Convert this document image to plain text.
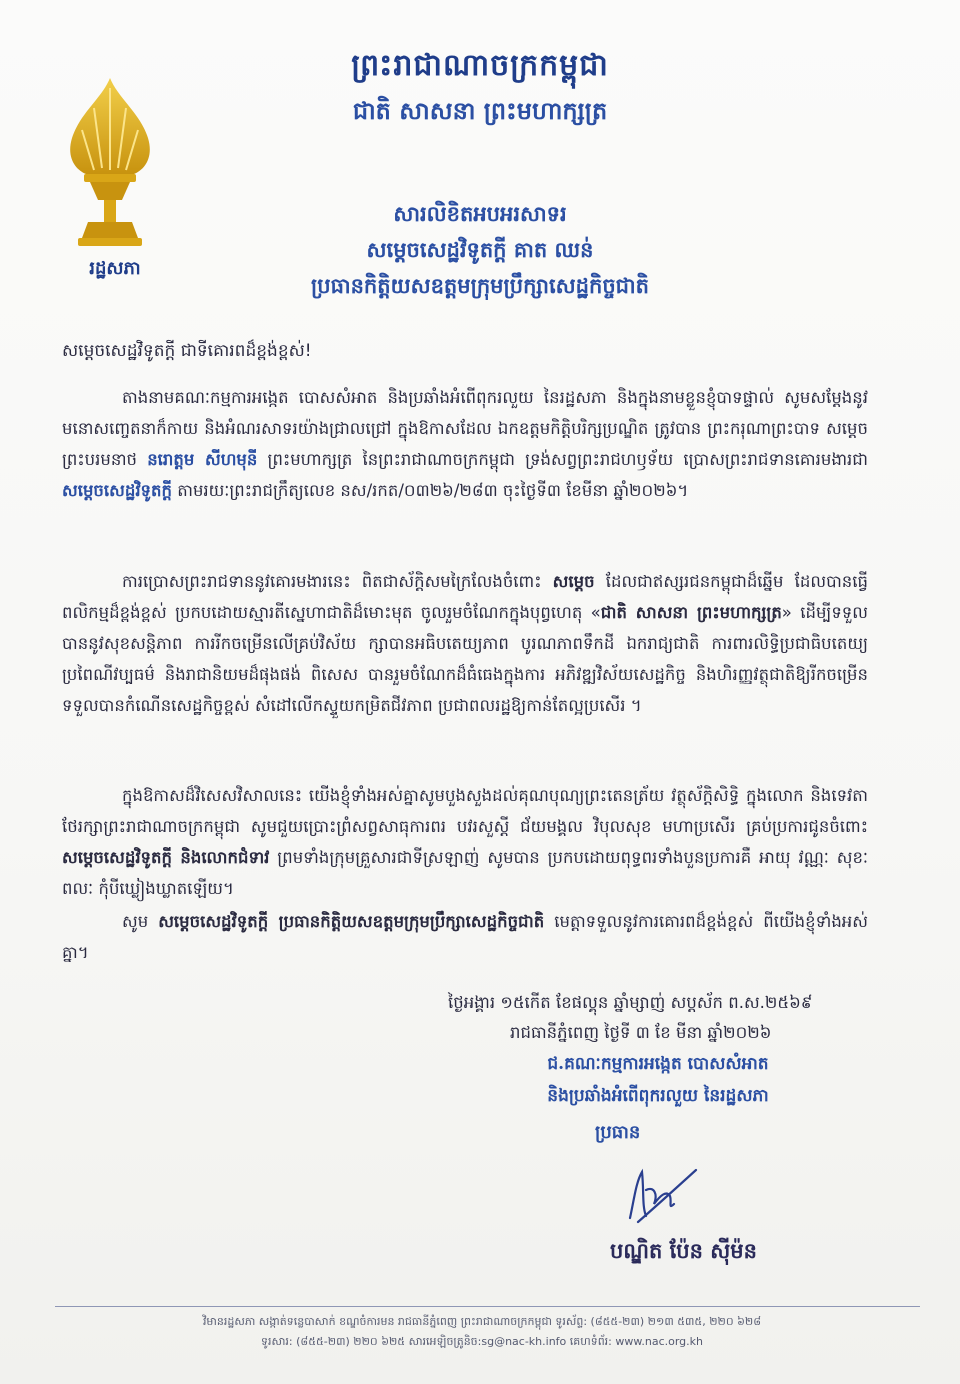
រដ្ឋសភា
ព្រះរាជាណាចក្រកម្ពុជា
ជាតិ សាសនា ព្រះមហាក្សត្រ
សារលិខិតអបអរសាទរ
សម្ដេចសេដ្ឋវិទូតក្ដី គាត ឈន់
ប្រធានកិត្តិយសឧត្ដមក្រុមប្រឹក្សាសេដ្ឋកិច្ចជាតិ
សម្ដេចសេដ្ឋវិទូតក្ដី ជាទីគោរពដ៏ខ្ពង់ខ្ពស់!
តាងនាមគណៈកម្មការអង្កេត បោសសំអាត និងប្រឆាំងអំពើពុករលួយ នៃរដ្ឋសភា និងក្នុងនាមខ្លួនខ្ញុំបាទផ្ទាល់ សូមសម្ដែងនូវមនោសញ្ចេតនាក៏កាយ និងអំណរសាទរយ៉ាងជ្រាលជ្រៅ ក្នុងឱកាសដែល ឯកឧត្ដមកិត្តិបរិក្សប្រណ្ឌិត ត្រូវបាន ព្រះករុណាព្រះបាទ សម្ដេចព្រះបរមនាថ នរោត្ដម សីហមុនី ព្រះមហាក្សត្រ នៃព្រះរាជាណាចក្រកម្ពុជា ទ្រង់សព្វព្រះរាជហឫទ័យ ប្រោសព្រះរាជទានគោរមងារជា សម្ដេចសេដ្ឋវិទូតក្ដី តាមរយៈព្រះរាជក្រឹត្យលេខ នស/រកត/០៣២៦/២៨៣ ចុះថ្ងៃទី៣ ខែមីនា ឆ្នាំ២០២៦។
ការប្រោសព្រះរាជទាននូវគោរមងារនេះ ពិតជាស័ក្តិសមក្រៃលែងចំពោះ សម្ដេច ដែលជាឥស្សរជនកម្ពុជាដ៏ឆ្នើម ដែលបានធ្វើពលិកម្មដ៏ខ្ពង់ខ្ពស់ ប្រកបដោយស្មារតីស្នេហាជាតិដ៏មោះមុត ចូលរួមចំណែកក្នុងបុព្វហេតុ «ជាតិ សាសនា ព្រះមហាក្សត្រ» ដើម្បីទទួលបាននូវសុខសន្តិភាព ការរីកចម្រើនលើគ្រប់វិស័យ ក្សាបានអធិបតេយ្យភាព បូរណភាពទឹកដី ឯករាជ្យជាតិ ការពារលិទ្ធិប្រជាធិបតេយ្យ ប្រពៃណីវប្បធម៌ និងរាជានិយមដ៏ផុងផង់ ពិសេស បានរួមចំណែកដ៏ធំធេងក្នុងការ អភិវឌ្ឍវិស័យសេដ្ឋកិច្ច និងហិរញ្ញវត្ថុជាតិឱ្យរីកចម្រើនទទួលបានកំណើនសេដ្ឋកិច្ចខ្ពស់ សំដៅលើកស្ទួយកម្រិតជីវភាព ប្រជាពលរដ្ឋឱ្យកាន់តែល្អប្រសើរ ។
ក្នុងឱកាសដ៏វិសេសវិសាលនេះ យើងខ្ញុំទាំងអស់គ្នាសូមបួងសួងដល់គុណបុណ្យព្រះតេនត្រ័យ វត្ថុស័ក្តិសិទ្ធិ ក្នុងលោក និងទេវតាថែរក្សាព្រះរាជាណាចក្រកម្ពុជា សូមជួយប្រោះព្រំសព្វសាធុការពរ បវរសួស្ដី ជ័យមង្គល វិបុលសុខ មហាប្រសើរ គ្រប់ប្រការជូនចំពោះ សម្ដេចសេដ្ឋវិទូតក្ដី និងលោកជំទាវ ព្រមទាំងក្រុមគ្រួសារជាទីស្រឡាញ់ សូមបាន ប្រកបដោយពុទ្ធពរទាំងបួនប្រការគឺ អាយុ វណ្ណៈ សុខៈ ពលៈ កុំបីឃ្លៀងឃ្លាតឡើយ។
សូម សម្ដេចសេដ្ឋវិទូតក្ដី ប្រធានកិត្តិយសឧត្ដមក្រុមប្រឹក្សាសេដ្ឋកិច្ចជាតិ មេត្តាទទួលនូវការគោរពដ៏ខ្ពង់ខ្ពស់ ពីយើងខ្ញុំទាំងអស់គ្នា។
ថ្ងៃអង្គារ ១៥កើត ខែផល្គុន ឆ្នាំម្សាញ់ សប្តស័ក ព.ស.២៥៦៩
រាជធានីភ្នំពេញ ថ្ងៃទី ៣ ខែ មីនា ឆ្នាំ២០២៦
ជ.គណៈកម្មការអង្កេត បោសសំអាត
និងប្រឆាំងអំពើពុករលួយ នៃរដ្ឋសភា
ប្រធាន
បណ្ឌិត ប៉ែន ស៊ីម៉ន
វិមានរដ្ឋសភា សង្កាត់ទន្លេបាសាក់ ខណ្ឌចំការមន រាជធានីភ្នំពេញ ព្រះរាជាណាចក្រកម្ពុជា ទូរស័ព្ទ: (៨៥៥-២៣) ២១៣ ៥៣៥, ២២០ ៦២៨
ទូរសារ: (៨៥៥-២៣) ២២០ ៦២៥ សារអេឡិចត្រូនិច:sg@nac-kh.info គេហទំព័រ: www.nac.org.kh
